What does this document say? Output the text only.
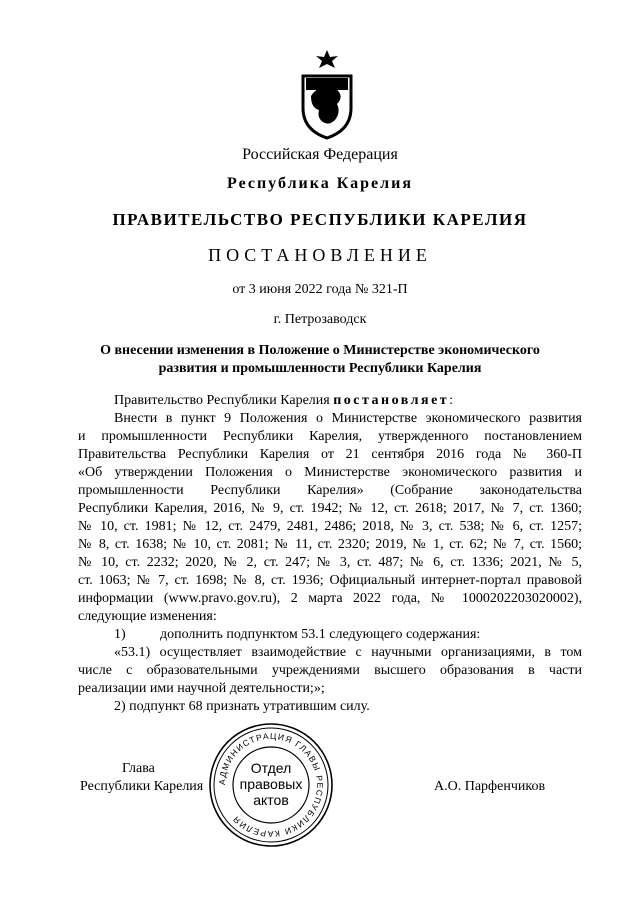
Российская Федерация
Республика Карелия
ПРАВИТЕЛЬСТВО РЕСПУБЛИКИ КАРЕЛИЯ
ПОСТАНОВЛЕНИЕ
от 3 июня 2022 года № 321-П
г. Петрозаводск
О внесении изменения в Положение о Министерстве экономического
развития и промышленности Республики Карелия
Правительство Республики Карелия постановляет:
Внести в пункт 9 Положения о Министерстве экономического развития
и промышленности Республики Карелия, утвержденного постановлением
Правительства Республики Карелия от 21 сентября 2016 года № 360-П
«Об утверждении Положения о Министерстве экономического развития и
промышленности Республики Карелия» (Собрание законодательства
Республики Карелия, 2016, № 9, ст. 1942; № 12, ст. 2618; 2017, № 7, ст. 1360;
№ 10, ст. 1981; № 12, ст. 2479, 2481, 2486; 2018, № 3, ст. 538; № 6, ст. 1257;
№ 8, ст. 1638; № 10, ст. 2081; № 11, ст. 2320; 2019, № 1, ст. 62; № 7, ст. 1560;
№ 10, ст. 2232; 2020, № 2, ст. 247; № 3, ст. 487; № 6, ст. 1336; 2021, № 5,
ст. 1063; № 7, ст. 1698; № 8, ст. 1936; Официальный интернет-портал правовой
информации (www.pravo.gov.ru), 2 марта 2022 года, № 1000202203020002),
следующие изменения:
1) дополнить подпунктом 53.1 следующего содержания:
«53.1) осуществляет взаимодействие с научными организациями, в том
числе с образовательными учреждениями высшего образования в части
реализации ими научной деятельности;»;
2) подпункт 68 признать утратившим силу.
Глава
Республики Карелия	А.О. Парфенчиков
АДМИНИСТРАЦИЯ ГЛАВЫ РЕСПУБЛИКИ КАРЕЛИЯ
Отдел
правовых
актов
